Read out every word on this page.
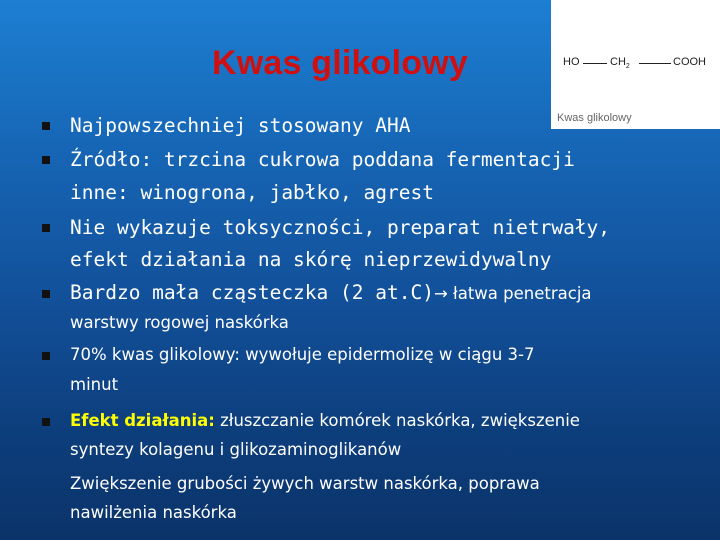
Kwas glikolowy	HO	$CH_2$	COOH
Kwas glikolowy
Najpowszechniej stosowany AHA
Źródło: trzcina cukrowa poddana fermentacji
inne: winogrona, jabłko, agrest
Nie wykazuje toksyczności, preparat nietrwały,
efekt działania na skórę nieprzewidywalny
Bardzo mała cząsteczka (2 at.C)→ łatwa penetracja
warstwy rogowej naskórka
70% kwas glikolowy: wywołuje epidermolizę w ciągu 3-7
minut
Efekt działania: złuszczanie komórek naskórka, zwiększenie
syntezy kolagenu i glikozaminoglikanów
Zwiększenie grubości żywych warstw naskórka, poprawa
nawilżenia naskórka
